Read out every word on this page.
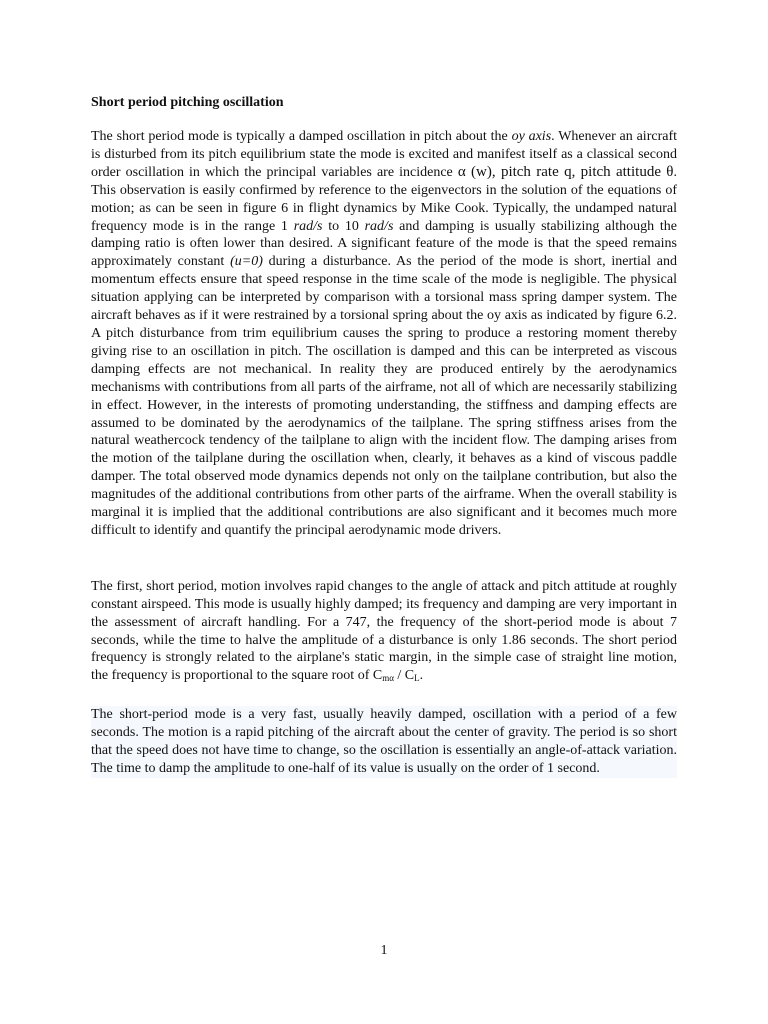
Short period pitching oscillation

The short period mode is typically a damped oscillation in pitch about the oy axis. Whenever an aircraft is disturbed from its pitch equilibrium state the mode is excited and manifest itself as a classical second order oscillation in which the principal variables are incidence α (w), pitch rate q, pitch attitude θ. This observation is easily confirmed by reference to the eigenvectors in the solution of the equations of motion; as can be seen in figure 6 in flight dynamics by Mike Cook. Typically, the undamped natural frequency mode is in the range 1 rad/s to 10 rad/s and damping is usually stabilizing although the damping ratio is often lower than desired. A significant feature of the mode is that the speed remains approximately constant (u=0) during a disturbance. As the period of the mode is short, inertial and momentum effects ensure that speed response in the time scale of the mode is negligible. The physical situation applying can be interpreted by comparison with a torsional mass spring damper system. The aircraft behaves as if it were restrained by a torsional spring about the oy axis as indicated by figure 6.2. A pitch disturbance from trim equilibrium causes the spring to produce a restoring moment thereby giving rise to an oscillation in pitch. The oscillation is damped and this can be interpreted as viscous damping effects are not mechanical. In reality they are produced entirely by the aerodynamics mechanisms with contributions from all parts of the airframe, not all of which are necessarily stabilizing in effect. However, in the interests of promoting understanding, the stiffness and damping effects are assumed to be dominated by the aerodynamics of the tailplane. The spring stiffness arises from the natural weathercock tendency of the tailplane to align with the incident flow. The damping arises from the motion of the tailplane during the oscillation when, clearly, it behaves as a kind of viscous paddle damper. The total observed mode dynamics depends not only on the tailplane contribution, but also the magnitudes of the additional contributions from other parts of the airframe. When the overall stability is marginal it is implied that the additional contributions are also significant and it becomes much more difficult to identify and quantify the principal aerodynamic mode drivers.

The first, short period, motion involves rapid changes to the angle of attack and pitch attitude at roughly constant airspeed. This mode is usually highly damped; its frequency and damping are very important in the assessment of aircraft handling. For a 747, the frequency of the short-period mode is about 7 seconds, while the time to halve the amplitude of a disturbance is only 1.86 seconds. The short period frequency is strongly related to the airplane's static margin, in the simple case of straight line motion, the frequency is proportional to the square root of $C_{m\alpha} / C_L$.

The short-period mode is a very fast, usually heavily damped, oscillation with a period of a few seconds. The motion is a rapid pitching of the aircraft about the center of gravity. The period is so short that the speed does not have time to change, so the oscillation is essentially an angle-of-attack variation. The time to damp the amplitude to one-half of its value is usually on the order of 1 second.

1
